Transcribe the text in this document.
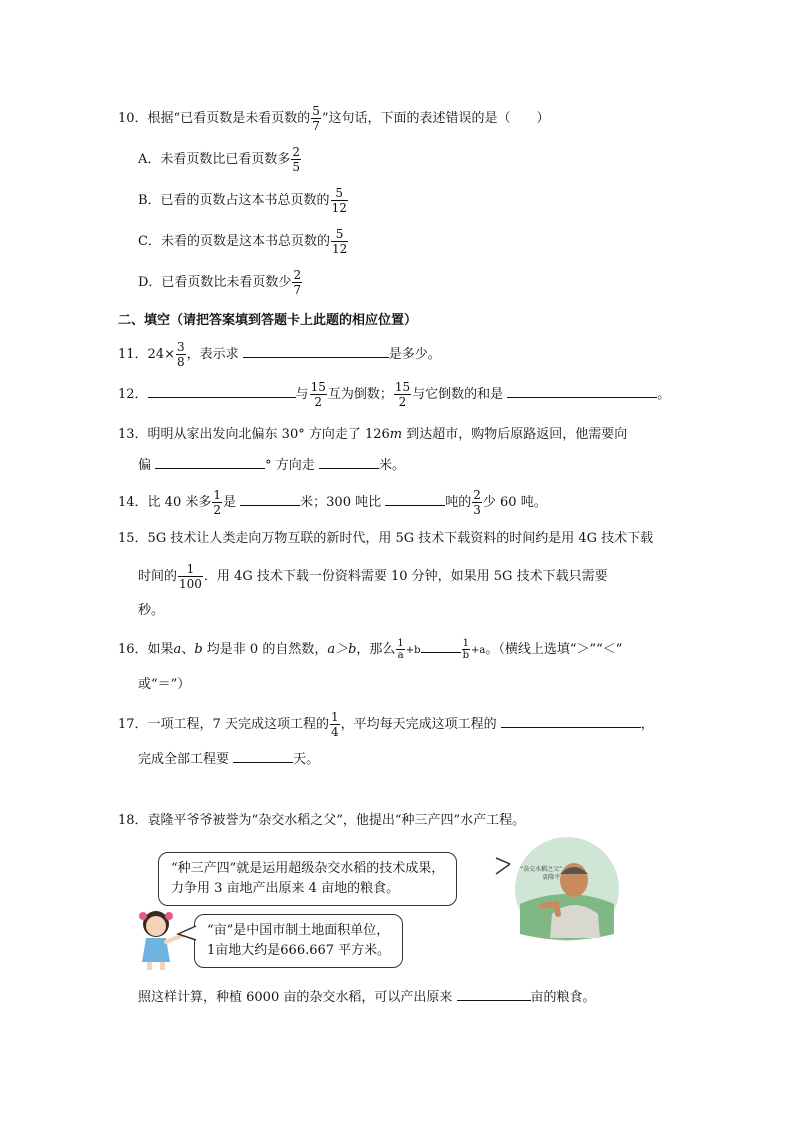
10．根据“已看页数是未看页数的 $\frac{5}{7}$ ”这句话，下面的表述错误的是（　　）
A．未看页数比已看页数多 $\frac{2}{5}$
B．已看的页数占这本书总页数的 $\frac{5}{12}$
C．未看的页数是这本书总页数的 $\frac{5}{12}$
D．已看页数比未看页数少 $\frac{2}{7}$
二、填空（请把答案填到答题卡上此题的相应位置）
11．$24\times \frac{3}{8}$ ，表示求	是多少。
12．	与 $\frac{15}{2}$ 互为倒数； $\frac{15}{2}$ 与它倒数的和是	。
13．明明从家出发向北偏东 30° 方向走了 126m 到达超市，购物后原路返回，他需要向
偏	° 方向走	米。
14．比 40 米多 $\frac{1}{2}$ 是	米；300 吨比	吨的 $\frac{2}{3}$ 少 60 吨。
15．5G 技术让人类走向万物互联的新时代，用 5G 技术下载资料的时间约是用 4G 技术下载
时间的 $\frac{1}{100}$ ．用 4G 技术下载一份资料需要 10 分钟，如果用 5G 技术下载只需要
秒。
16．如果a、b 均是非 0 的自然数，a＞b，那么 $\frac{1}{a} +b$	$\frac{1}{b} +a$。（横线上选填“＞”“＜”
或“＝”）
17．一项工程，7 天完成这项工程的 $\frac{1}{4}$ ，平均每天完成这项工程的	，
完成全部工程要	天。
18．袁隆平爷爷被誉为“杂交水稻之父”，他提出“种三产四”水产工程。
“种三产四”就是运用超级杂交水稻的技术成果，
力争用 3 亩地产出原来 4 亩地的粮食。
“杂交水稻之父”
袁隆平
“亩”是中国市制土地面积单位，
1亩地大约是666.667 平方米。
照这样计算，种植 6000 亩的杂交水稻，可以产出原来	亩的粮食。
